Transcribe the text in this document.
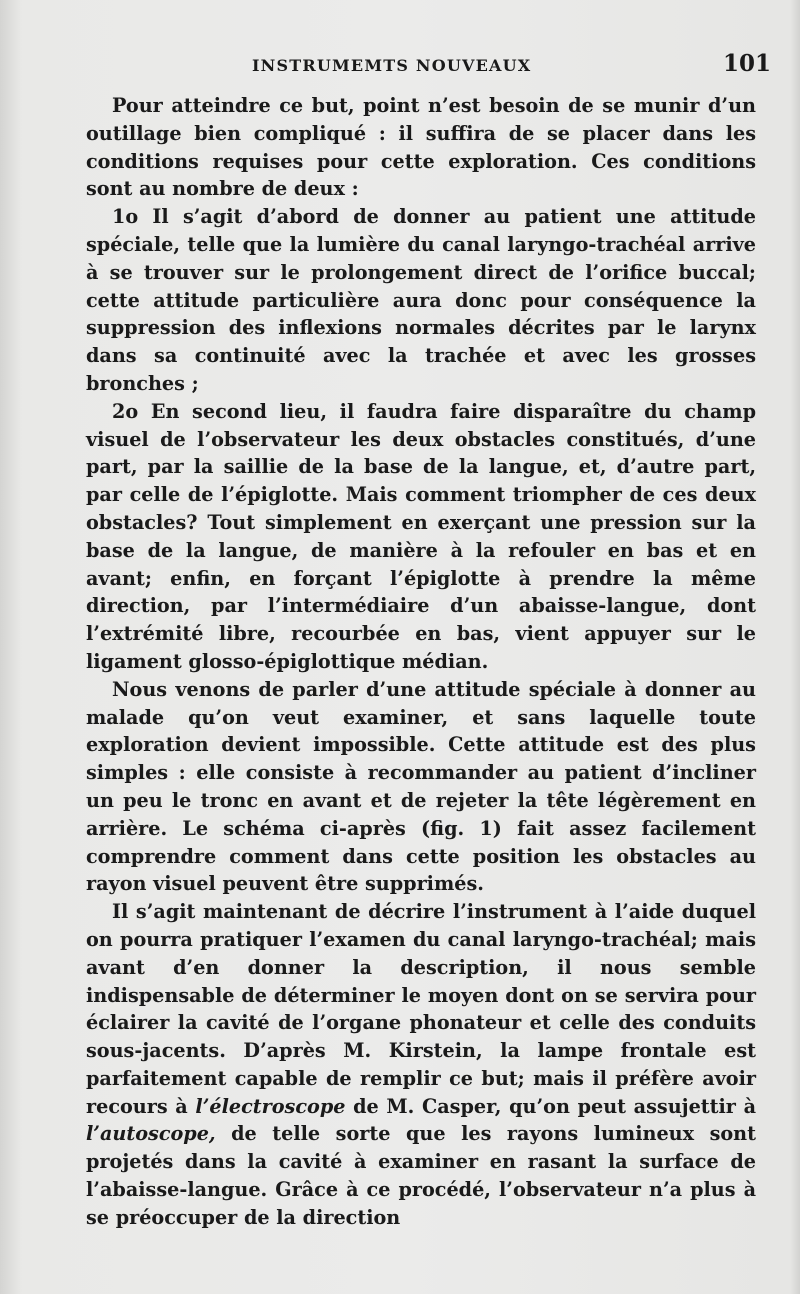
INSTRUMEMTS NOUVEAUX	101

Pour atteindre ce but, point n’est besoin de se munir d’un outillage bien compliqué : il suffira de se placer dans les conditions requises pour cette exploration. Ces conditions sont au nombre de deux :

1o Il s’agit d’abord de donner au patient une attitude spéciale, telle que la lumière du canal laryngo-trachéal arrive à se trouver sur le prolongement direct de l’orifice buccal; cette attitude particulière aura donc pour conséquence la suppression des inflexions normales décrites par le larynx dans sa continuité avec la trachée et avec les grosses bronches ;

2o En second lieu, il faudra faire disparaître du champ visuel de l’observateur les deux obstacles constitués, d’une part, par la saillie de la base de la langue, et, d’autre part, par celle de l’épiglotte. Mais comment triompher de ces deux obstacles? Tout simplement en exerçant une pression sur la base de la langue, de manière à la refouler en bas et en avant; enfin, en forçant l’épiglotte à prendre la même direction, par l’intermédiaire d’un abaisse-langue, dont l’extrémité libre, recourbée en bas, vient appuyer sur le ligament glosso-épiglottique médian.

Nous venons de parler d’une attitude spéciale à donner au malade qu’on veut examiner, et sans laquelle toute exploration devient impossible. Cette attitude est des plus simples : elle consiste à recommander au patient d’incliner un peu le tronc en avant et de rejeter la tête légèrement en arrière. Le schéma ci-après (fig. 1) fait assez facilement comprendre comment dans cette position les obstacles au rayon visuel peuvent être supprimés.

Il s’agit maintenant de décrire l’instrument à l’aide duquel on pourra pratiquer l’examen du canal laryngo-trachéal; mais avant d’en donner la description, il nous semble indispensable de déterminer le moyen dont on se servira pour éclairer la cavité de l’organe phonateur et celle des conduits sous-jacents. D’après M. Kirstein, la lampe frontale est parfaitement capable de remplir ce but; mais il préfère avoir recours à l’électroscope de M. Casper, qu’on peut assujettir à l’autoscope, de telle sorte que les rayons lumineux sont projetés dans la cavité à examiner en rasant la surface de l’abaisse-langue. Grâce à ce procédé, l’observateur n’a plus à se préoccuper de la direction
